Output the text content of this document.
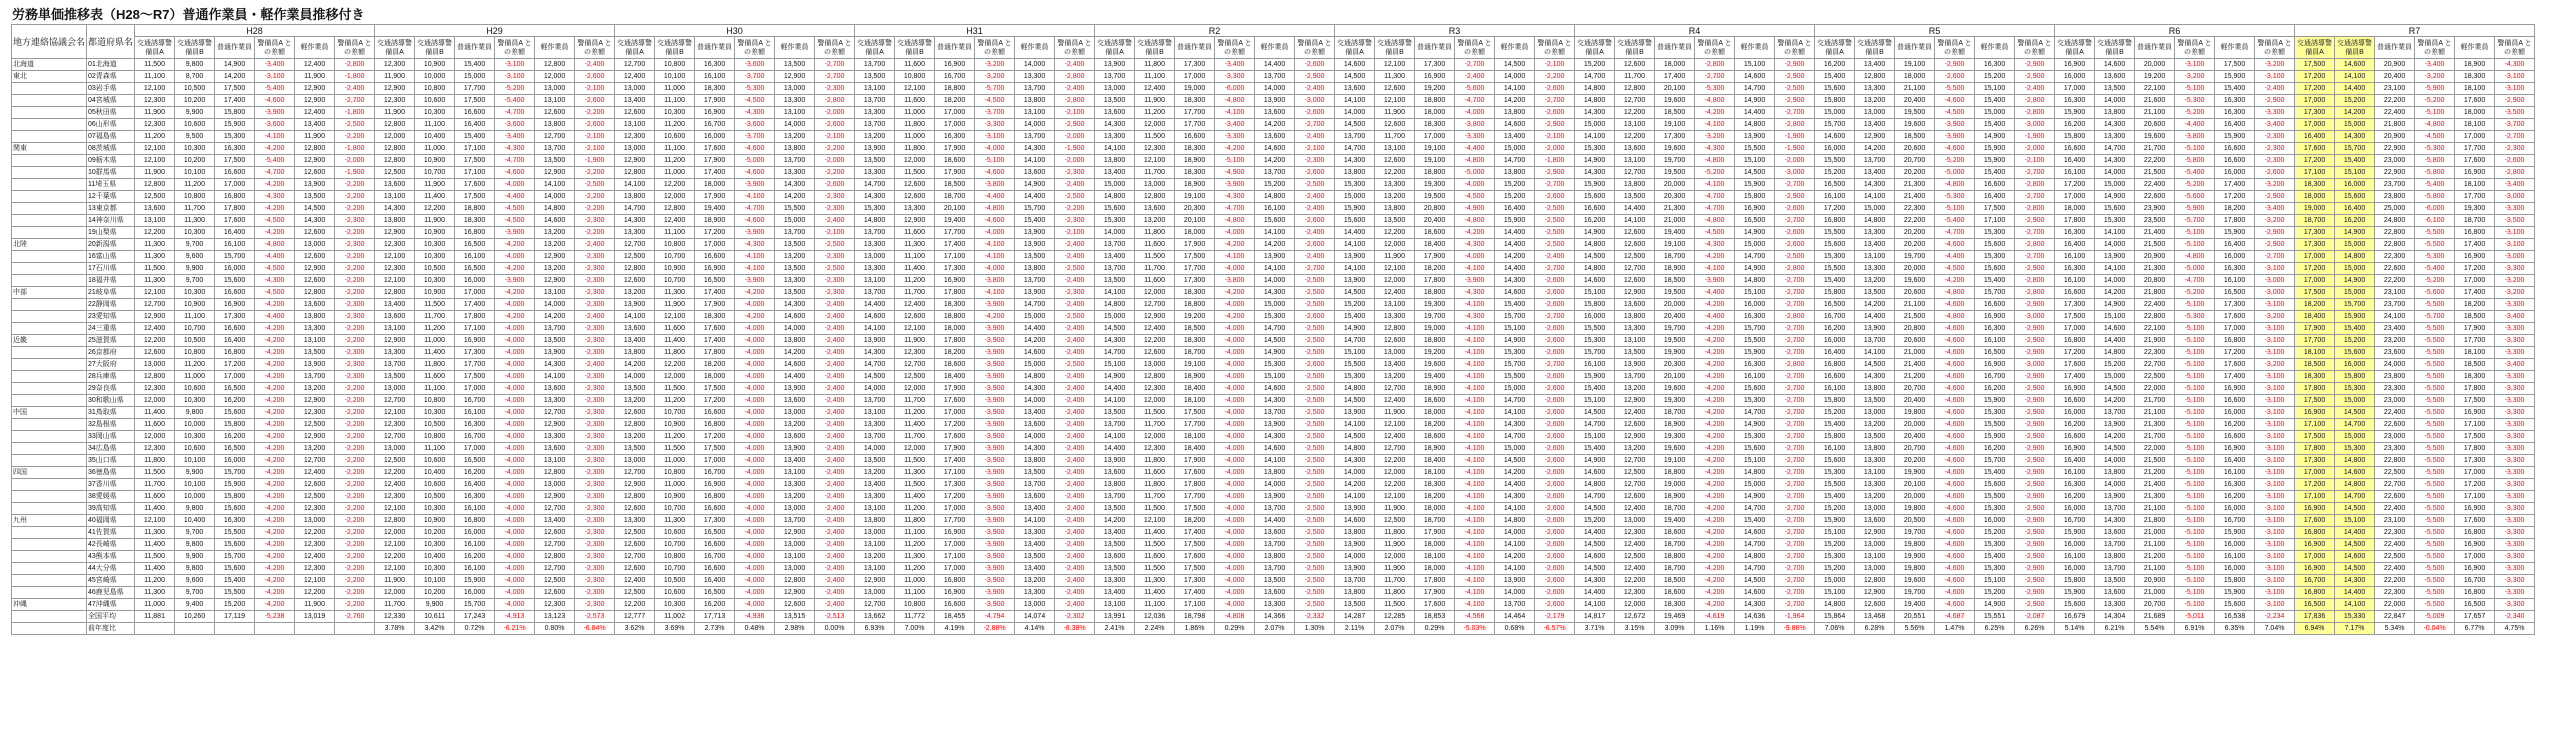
労務単価推移表（H28～R7）普通作業員・軽作業員推移付き
地方連絡協議会名	都道府県名	H28						H29						H30						H31						R2						R3						R4						R5						R6						R7					
		交通誘導警備員A	交通誘導警 備員B	普通作業員	警備員A との差額	軽作業員	警備員A との差額	交通誘導警備員A	交通誘導警 備員B	普通作業員	警備員A との差額	軽作業員	警備員A との差額	交通誘導警備員A	交通誘導警 備員B	普通作業員	警備員A との差額	軽作業員	警備員A との差額	交通誘導警備員A	交通誘導警 備員B	普通作業員	警備員A との差額	軽作業員	警備員A との差額	交通誘導警備員A	交通誘導警 備員B	普通作業員	警備員A との差額	軽作業員	警備員A との差額	交通誘導警備員A	交通誘導警 備員B	普通作業員	警備員A との差額	軽作業員	警備員A との差額	交通誘導警備員A	交通誘導警 備員B	普通作業員	警備員A との差額	軽作業員	警備員A との差額	交通誘導警備員A	交通誘導警 備員B	普通作業員	警備員A との差額	軽作業員	警備員A との差額	交通誘導警備員A	交通誘導警 備員B	普通作業員	警備員A との差額	軽作業員	警備員A との差額	交通誘導警備員A	交通誘導警 備員B	普通作業員	警備員A との差額	軽作業員	警備員A との差額
北海道	01北海道	11,500	9,800	14,900	-3,400	12,400	-2,800	12,300	10,900	15,400	-3,100	12,800	-2,400	12,700	10,800	16,300	-3,600	13,500	-2,700	13,700	11,600	16,900	-3,200	14,000	-2,400	13,900	11,800	17,300	-3,400	14,400	-2,600	14,600	12,100	17,300	-2,700	14,500	-2,100	15,200	12,600	18,000	-2,800	15,100	-2,900	16,200	13,400	19,100	-2,900	16,300	-2,900	16,900	14,600	20,000	-3,100	17,500	-3,200	17,500	14,600	20,900	-3,400	18,900	-4,300
東北	02青森県	11,100	8,700	14,200	-3,100	11,900	-1,800	11,900	10,000	15,000	-3,100	12,000	-2,600	12,400	10,100	16,100	-3,700	12,900	-2,700	13,500	10,800	16,700	-3,200	13,300	-2,800	13,700	11,100	17,000	-3,300	13,700	-2,900	14,500	11,300	16,900	-2,400	14,000	-2,200	14,700	11,700	17,400	-2,700	14,600	-2,900	15,400	12,800	18,000	-2,600	15,200	-2,900	16,000	13,600	19,200	-3,200	15,900	-3,100	17,200	14,100	20,400	-3,200	18,300	-3,100
	03岩手県	12,100	10,500	17,500	-5,400	12,900	-2,400	12,900	10,800	17,700	-5,200	13,000	-2,100	13,000	11,000	18,300	-5,300	13,000	-2,300	13,100	12,100	18,800	-5,700	13,700	-2,400	13,000	12,400	19,000	-6,000	14,000	-2,400	13,600	12,600	19,200	-5,600	14,100	-2,600	14,800	12,800	20,100	-5,300	14,700	-2,500	15,600	13,300	21,100	-5,500	15,100	-2,400	17,000	13,500	22,100	-5,100	15,400	-2,400	17,200	14,400	23,100	-5,900	18,100	-3,100
	04宮城県	12,300	10,200	17,400	-4,600	12,900	-2,700	12,300	10,600	17,500	-5,400	13,100	-2,600	13,400	11,100	17,900	-4,500	13,300	-2,800	13,700	11,600	18,200	-4,500	13,800	-2,800	13,500	11,900	18,300	-4,800	13,900	-3,000	14,100	12,100	18,800	-4,700	14,200	-2,700	14,800	12,700	19,600	-4,800	14,900	-2,900	15,800	13,200	20,400	-4,600	15,400	-2,800	16,300	14,000	21,600	-5,300	16,300	-2,900	17,000	15,200	22,200	-5,200	17,600	-2,900
	05秋田県	11,900	9,900	15,800	-3,900	12,400	-1,800	11,900	10,300	16,600	-4,700	12,600	-2,200	12,600	10,300	16,900	-4,300	13,100	-2,000	13,300	11,000	17,000	-3,700	13,100	-2,100	13,600	11,200	17,700	-4,100	13,600	-2,600	14,000	11,900	18,000	-4,000	13,800	-2,600	14,300	12,200	18,500	-4,200	14,400	-2,700	15,000	13,000	19,500	-4,500	15,000	-2,800	15,900	13,800	21,100	-5,200	16,300	-3,300	17,300	14,200	22,400	-5,100	18,000	-3,500
	06山形県	12,300	10,600	15,900	-3,600	13,400	-2,500	12,800	11,100	16,400	-3,600	13,800	-2,600	13,100	11,200	16,700	-3,600	14,000	-2,600	13,700	11,800	17,000	-3,300	14,000	-2,900	14,300	12,000	17,700	-3,400	14,200	-2,700	14,500	12,600	18,300	-3,800	14,600	-2,900	15,000	13,100	19,100	-4,100	14,800	-2,800	15,700	13,400	19,600	-3,900	15,400	-3,000	16,200	14,300	20,600	-4,400	16,400	-3,400	17,000	15,000	21,800	-4,800	18,100	-3,700
	07福島県	11,200	9,500	15,300	-4,100	11,900	-2,200	12,000	10,400	15,400	-3,400	12,700	-2,100	12,300	10,600	16,000	-3,700	13,200	-2,100	13,200	11,000	16,300	-3,100	13,700	-2,000	13,300	11,500	16,600	-3,300	13,600	-2,400	13,700	11,700	17,000	-3,300	13,400	-2,100	14,100	12,200	17,300	-3,200	13,900	-1,900	14,600	12,900	18,500	-3,900	14,900	-1,900	15,800	13,300	19,600	-3,800	15,900	-2,300	16,400	14,300	20,900	-4,500	17,000	-2,700
関東	08茨城県	12,100	10,300	16,300	-4,200	12,800	-1,800	12,800	11,000	17,100	-4,300	13,700	-2,100	13,000	11,100	17,600	-4,600	13,800	-2,200	13,900	11,800	17,900	-4,000	14,300	-1,900	14,100	12,300	18,300	-4,200	14,600	-2,100	14,700	13,100	19,100	-4,400	15,000	-2,000	15,300	13,600	19,600	-4,300	15,500	-1,900	16,000	14,200	20,600	-4,600	15,900	-2,000	16,600	14,700	21,700	-5,100	16,600	-2,300	17,600	15,700	22,900	-5,300	17,700	-2,300
	09栃木県	12,100	10,200	17,500	-5,400	12,900	-2,000	12,800	10,900	17,500	-4,700	13,500	-1,900	12,900	11,200	17,900	-5,000	13,700	-2,000	13,500	12,000	18,600	-5,100	14,100	-2,000	13,800	12,100	18,900	-5,100	14,200	-2,300	14,300	12,600	19,100	-4,800	14,700	-1,800	14,900	13,100	19,700	-4,800	15,100	-2,000	15,500	13,700	20,700	-5,200	15,900	-2,100	16,400	14,300	22,200	-5,800	16,600	-2,300	17,200	15,400	23,000	-5,800	17,600	-2,600
	10群馬県	11,900	10,100	16,600	-4,700	12,600	-1,900	12,500	10,700	17,100	-4,600	12,900	-2,200	12,800	11,000	17,400	-4,600	13,300	-2,200	13,300	11,500	17,900	-4,600	13,600	-2,300	13,400	11,700	18,300	-4,900	13,700	-2,600	13,800	12,200	18,800	-5,000	13,800	-2,900	14,300	12,700	19,500	-5,200	14,500	-3,000	15,200	13,400	20,200	-5,000	15,400	-2,700	16,100	14,000	21,500	-5,400	16,000	-2,600	17,100	15,100	22,900	-5,800	16,900	-2,800
	11埼玉県	12,800	11,200	17,000	-4,200	13,900	-2,200	13,600	11,900	17,600	-4,000	14,100	-2,500	14,100	12,200	18,000	-3,900	14,300	-2,600	14,700	12,600	18,500	-3,800	14,900	-2,400	15,000	13,000	18,900	-3,900	15,200	-2,500	15,300	13,300	19,300	-4,000	15,200	-2,700	15,900	13,800	20,000	-4,100	15,900	-2,700	16,500	14,300	21,300	-4,800	16,600	-2,800	17,200	15,000	22,400	-5,200	17,400	-3,200	18,300	16,000	23,700	-5,400	18,100	-3,400
	12千葉県	12,500	10,800	16,800	-4,300	13,500	-2,200	13,100	11,400	17,500	-4,400	14,000	-2,200	13,800	12,000	17,900	-4,100	14,200	-2,300	14,300	12,600	18,700	-4,400	14,400	-2,500	14,800	12,800	19,100	-4,300	14,800	-2,400	15,000	13,200	19,500	-4,500	15,200	-2,600	15,600	13,500	20,300	-4,700	15,800	-2,900	16,100	14,100	21,400	-5,300	16,400	-2,700	17,000	14,900	22,600	-5,600	17,200	-2,900	18,000	15,600	23,800	-5,800	17,700	-3,000
	13東京都	13,600	11,700	17,800	-4,200	14,500	-2,200	14,300	12,200	18,800	-4,500	14,800	-2,200	14,700	12,800	19,400	-4,700	15,500	-2,300	15,300	13,300	20,100	-4,800	15,700	-2,200	15,600	13,600	20,300	-4,700	16,100	-2,400	15,900	13,800	20,800	-4,900	16,400	-2,500	16,600	14,400	21,300	-4,700	16,900	-2,600	17,200	15,000	22,300	-5,100	17,500	-2,800	18,000	15,600	23,900	-5,900	18,200	-3,400	19,000	16,400	25,000	-6,000	19,300	-3,300
	14神奈川県	13,100	11,300	17,600	-4,500	14,300	-2,300	13,800	11,900	18,300	-4,500	14,600	-2,300	14,300	12,400	18,900	-4,600	15,000	-2,400	14,800	12,900	19,400	-4,600	15,400	-2,300	15,300	13,200	20,100	-4,800	15,600	-2,600	15,600	13,500	20,400	-4,800	15,900	-2,500	16,200	14,100	21,000	-4,800	16,500	-2,700	16,800	14,800	22,200	-5,400	17,100	-2,900	17,800	15,300	23,500	-5,700	17,800	-3,200	18,700	16,200	24,800	-6,100	18,700	-3,500
	19山梨県	12,200	10,300	16,400	-4,200	12,600	-2,200	12,900	10,900	16,800	-3,900	13,200	-2,200	13,300	11,100	17,200	-3,900	13,700	-2,100	13,700	11,600	17,700	-4,000	13,900	-2,100	14,000	11,800	18,000	-4,000	14,100	-2,400	14,400	12,200	18,600	-4,200	14,400	-2,500	14,900	12,600	19,400	-4,500	14,900	-2,600	15,500	13,300	20,200	-4,700	15,300	-2,700	16,300	14,100	21,400	-5,100	15,900	-2,900	17,300	14,900	22,800	-5,500	16,800	-3,100
北陸	20新潟県	11,300	9,700	16,100	-4,800	13,000	-2,300	12,300	10,300	16,500	-4,200	13,200	-2,400	12,700	10,800	17,000	-4,300	13,500	-2,500	13,300	11,300	17,400	-4,100	13,900	-2,400	13,700	11,600	17,900	-4,200	14,200	-2,600	14,100	12,000	18,400	-4,300	14,400	-2,500	14,800	12,600	19,100	-4,300	15,000	-2,600	15,600	13,400	20,200	-4,600	15,600	-2,800	16,400	14,000	21,500	-5,100	16,400	-2,900	17,300	15,000	22,800	-5,500	17,400	-3,100
	16富山県	11,300	9,600	15,700	-4,400	12,600	-2,200	12,100	10,300	16,100	-4,000	12,900	-2,300	12,500	10,700	16,600	-4,100	13,200	-2,300	13,000	11,100	17,100	-4,100	13,500	-2,400	13,400	11,500	17,500	-4,100	13,900	-2,400	13,900	11,900	17,900	-4,000	14,200	-2,400	14,500	12,500	18,700	-4,200	14,700	-2,500	15,300	13,100	19,700	-4,400	15,300	-2,700	16,100	13,900	20,900	-4,800	16,000	-2,700	17,000	14,800	22,300	-5,300	16,900	-3,000
	17石川県	11,500	9,900	16,000	-4,500	12,900	-2,200	12,300	10,500	16,500	-4,200	13,200	-2,300	12,800	10,900	16,900	-4,100	13,500	-2,500	13,300	11,400	17,300	-4,000	13,800	-2,500	13,700	11,700	17,700	-4,000	14,100	-2,700	14,100	12,100	18,200	-4,100	14,400	-2,700	14,800	12,700	18,900	-4,100	14,900	-2,800	15,500	13,300	20,000	-4,500	15,600	-2,900	16,300	14,100	21,300	-5,000	16,300	-3,100	17,200	15,000	22,600	-5,400	17,200	-3,300
	18福井県	11,300	9,700	15,600	-4,300	12,600	-2,200	12,100	10,300	16,000	-3,900	12,900	-2,300	12,600	10,700	16,500	-3,900	13,300	-2,300	13,100	11,200	16,900	-3,800	13,700	-2,400	13,500	11,600	17,300	-3,800	14,000	-2,500	13,900	12,000	17,800	-3,900	14,300	-2,600	14,600	12,600	18,500	-3,900	14,800	-2,700	15,400	13,200	19,600	-4,200	15,400	-2,800	16,100	14,000	20,800	-4,700	16,100	-3,000	17,000	14,900	22,200	-5,200	17,000	-3,200
中部	21岐阜県	12,100	10,300	16,600	-4,500	12,800	-2,200	12,800	10,900	17,000	-4,200	13,100	-2,300	13,200	11,300	17,400	-4,200	13,500	-2,300	13,700	11,700	17,800	-4,100	13,900	-2,300	14,100	12,000	18,300	-4,200	14,300	-2,500	14,500	12,400	18,800	-4,300	14,600	-2,600	15,100	12,900	19,500	-4,400	15,100	-2,700	15,800	13,500	20,600	-4,800	15,700	-2,800	16,600	14,200	21,800	-5,200	16,500	-3,000	17,500	15,000	23,100	-5,600	17,400	-3,200
	22静岡県	12,700	10,900	16,900	-4,200	13,600	-2,300	13,400	11,500	17,400	-4,000	14,000	-2,300	13,900	11,900	17,900	-4,000	14,300	-2,400	14,400	12,400	18,300	-3,900	14,700	-2,400	14,800	12,700	18,800	-4,000	15,000	-2,500	15,200	13,100	19,300	-4,100	15,400	-2,600	15,800	13,600	20,000	-4,200	16,000	-2,700	16,500	14,200	21,100	-4,600	16,600	-2,900	17,300	14,900	22,400	-5,100	17,300	-3,100	18,200	15,700	23,700	-5,500	18,200	-3,300
	23愛知県	12,900	11,100	17,300	-4,400	13,800	-2,300	13,600	11,700	17,800	-4,200	14,200	-2,400	14,100	12,100	18,300	-4,200	14,600	-2,400	14,600	12,600	18,800	-4,200	15,000	-2,500	15,000	12,900	19,200	-4,200	15,300	-2,600	15,400	13,300	19,700	-4,300	15,700	-2,700	16,000	13,800	20,400	-4,400	16,300	-2,800	16,700	14,400	21,500	-4,800	16,900	-3,000	17,500	15,100	22,800	-5,300	17,600	-3,200	18,400	15,900	24,100	-5,700	18,500	-3,400
	24三重県	12,400	10,700	16,600	-4,200	13,300	-2,200	13,100	11,200	17,100	-4,000	13,700	-2,300	13,600	11,600	17,600	-4,000	14,000	-2,400	14,100	12,100	18,000	-3,900	14,400	-2,400	14,500	12,400	18,500	-4,000	14,700	-2,500	14,900	12,800	19,000	-4,100	15,100	-2,600	15,500	13,300	19,700	-4,200	15,700	-2,700	16,200	13,900	20,800	-4,600	16,300	-2,900	17,000	14,600	22,100	-5,100	17,000	-3,100	17,900	15,400	23,400	-5,500	17,900	-3,300
近畿	25滋賀県	12,200	10,500	16,400	-4,200	13,100	-2,200	12,900	11,000	16,900	-4,000	13,500	-2,300	13,400	11,400	17,400	-4,000	13,800	-2,400	13,900	11,900	17,800	-3,900	14,200	-2,400	14,300	12,200	18,300	-4,000	14,500	-2,500	14,700	12,600	18,800	-4,100	14,900	-2,600	15,300	13,100	19,500	-4,200	15,500	-2,700	16,000	13,700	20,600	-4,600	16,100	-2,900	16,800	14,400	21,900	-5,100	16,800	-3,100	17,700	15,200	23,200	-5,500	17,700	-3,300
	26京都府	12,600	10,800	16,800	-4,200	13,500	-2,300	13,300	11,400	17,300	-4,000	13,900	-2,300	13,800	11,800	17,800	-4,000	14,200	-2,400	14,300	12,300	18,200	-3,900	14,600	-2,400	14,700	12,600	18,700	-4,000	14,900	-2,500	15,100	13,000	19,200	-4,100	15,300	-2,600	15,700	13,500	19,900	-4,200	15,900	-2,700	16,400	14,100	21,000	-4,600	16,500	-2,900	17,200	14,800	22,300	-5,100	17,200	-3,100	18,100	15,600	23,600	-5,500	18,100	-3,300
	27大阪府	13,000	11,200	17,200	-4,200	13,900	-2,300	13,700	11,800	17,700	-4,000	14,300	-2,400	14,200	12,200	18,200	-4,000	14,600	-2,400	14,700	12,700	18,600	-3,900	15,000	-2,500	15,100	13,000	19,100	-4,000	15,300	-2,600	15,500	13,400	19,600	-4,100	15,700	-2,700	16,100	13,900	20,300	-4,200	16,300	-2,800	16,800	14,500	21,400	-4,600	16,900	-3,000	17,600	15,200	22,700	-5,100	17,600	-3,200	18,500	16,000	24,000	-5,500	18,500	-3,400
	28兵庫県	12,800	11,000	17,000	-4,200	13,700	-2,300	13,500	11,600	17,500	-4,000	14,100	-2,300	14,000	12,000	18,000	-4,000	14,400	-2,400	14,500	12,500	18,400	-3,900	14,800	-2,400	14,900	12,800	18,900	-4,000	15,100	-2,500	15,300	13,200	19,400	-4,100	15,500	-2,600	15,900	13,700	20,100	-4,200	16,100	-2,700	16,600	14,300	21,200	-4,600	16,700	-2,900	17,400	15,000	22,500	-5,100	17,400	-3,100	18,300	15,800	23,800	-5,500	18,300	-3,300
	29奈良県	12,300	10,600	16,500	-4,200	13,200	-2,200	13,000	11,100	17,000	-4,000	13,600	-2,300	13,500	11,500	17,500	-4,000	13,900	-2,400	14,000	12,000	17,900	-3,900	14,300	-2,400	14,400	12,300	18,400	-4,000	14,600	-2,500	14,800	12,700	18,900	-4,100	15,000	-2,600	15,400	13,200	19,600	-4,200	15,600	-2,700	16,100	13,800	20,700	-4,600	16,200	-2,900	16,900	14,500	22,000	-5,100	16,900	-3,100	17,800	15,300	23,300	-5,500	17,800	-3,300
	30和歌山県	12,000	10,300	16,200	-4,200	12,900	-2,200	12,700	10,800	16,700	-4,000	13,300	-2,300	13,200	11,200	17,200	-4,000	13,600	-2,400	13,700	11,700	17,600	-3,900	14,000	-2,400	14,100	12,000	18,100	-4,000	14,300	-2,500	14,500	12,400	18,600	-4,100	14,700	-2,600	15,100	12,900	19,300	-4,200	15,300	-2,700	15,800	13,500	20,400	-4,600	15,900	-2,900	16,600	14,200	21,700	-5,100	16,600	-3,100	17,500	15,000	23,000	-5,500	17,500	-3,300
中国	31鳥取県	11,400	9,800	15,600	-4,200	12,300	-2,200	12,100	10,300	16,100	-4,000	12,700	-2,300	12,600	10,700	16,600	-4,000	13,000	-2,400	13,100	11,200	17,000	-3,900	13,400	-2,400	13,500	11,500	17,500	-4,000	13,700	-2,500	13,900	11,900	18,000	-4,100	14,100	-2,600	14,500	12,400	18,700	-4,200	14,700	-2,700	15,200	13,000	19,800	-4,600	15,300	-2,900	16,000	13,700	21,100	-5,100	16,000	-3,100	16,900	14,500	22,400	-5,500	16,900	-3,300
	32島根県	11,600	10,000	15,800	-4,200	12,500	-2,200	12,300	10,500	16,300	-4,000	12,900	-2,300	12,800	10,900	16,800	-4,000	13,200	-2,400	13,300	11,400	17,200	-3,900	13,600	-2,400	13,700	11,700	17,700	-4,000	13,900	-2,500	14,100	12,100	18,200	-4,100	14,300	-2,600	14,700	12,600	18,900	-4,200	14,900	-2,700	15,400	13,200	20,000	-4,600	15,500	-2,900	16,200	13,900	21,300	-5,100	16,200	-3,100	17,100	14,700	22,600	-5,500	17,100	-3,300
	33岡山県	12,000	10,300	16,200	-4,200	12,900	-2,200	12,700	10,800	16,700	-4,000	13,300	-2,300	13,200	11,200	17,200	-4,000	13,600	-2,400	13,700	11,700	17,600	-3,900	14,000	-2,400	14,100	12,000	18,100	-4,000	14,300	-2,500	14,500	12,400	18,600	-4,100	14,700	-2,600	15,100	12,900	19,300	-4,200	15,300	-2,700	15,800	13,500	20,400	-4,600	15,900	-2,900	16,600	14,200	21,700	-5,100	16,600	-3,100	17,500	15,000	23,000	-5,500	17,500	-3,300
	34広島県	12,300	10,600	16,500	-4,200	13,200	-2,200	13,000	11,100	17,000	-4,000	13,600	-2,300	13,500	11,500	17,500	-4,000	13,900	-2,400	14,000	12,000	17,900	-3,900	14,300	-2,400	14,400	12,300	18,400	-4,000	14,600	-2,500	14,800	12,700	18,900	-4,100	15,000	-2,600	15,400	13,200	19,600	-4,200	15,600	-2,700	16,100	13,800	20,700	-4,600	16,200	-2,900	16,900	14,500	22,000	-5,100	16,900	-3,100	17,800	15,300	23,300	-5,500	17,800	-3,300
	35山口県	11,800	10,100	16,000	-4,200	12,700	-2,200	12,500	10,600	16,500	-4,000	13,100	-2,300	13,000	11,000	17,000	-4,000	13,400	-2,400	13,500	11,500	17,400	-3,900	13,800	-2,400	13,900	11,800	17,900	-4,000	14,100	-2,500	14,300	12,200	18,400	-4,100	14,500	-2,600	14,900	12,700	19,100	-4,200	15,100	-2,700	15,600	13,300	20,200	-4,600	15,700	-2,900	16,400	14,000	21,500	-5,100	16,400	-3,100	17,300	14,800	22,800	-5,500	17,300	-3,300
四国	36徳島県	11,500	9,900	15,700	-4,200	12,400	-2,200	12,200	10,400	16,200	-4,000	12,800	-2,300	12,700	10,800	16,700	-4,000	13,100	-2,400	13,200	11,300	17,100	-3,900	13,500	-2,400	13,600	11,600	17,600	-4,000	13,800	-2,500	14,000	12,000	18,100	-4,100	14,200	-2,600	14,600	12,500	18,800	-4,200	14,800	-2,700	15,300	13,100	19,900	-4,600	15,400	-2,900	16,100	13,800	21,200	-5,100	16,100	-3,100	17,000	14,600	22,500	-5,500	17,000	-3,300
	37香川県	11,700	10,100	15,900	-4,200	12,600	-2,200	12,400	10,600	16,400	-4,000	13,000	-2,300	12,900	11,000	16,900	-4,000	13,300	-2,400	13,400	11,500	17,300	-3,900	13,700	-2,400	13,800	11,800	17,800	-4,000	14,000	-2,500	14,200	12,200	18,300	-4,100	14,400	-2,600	14,800	12,700	19,000	-4,200	15,000	-2,700	15,500	13,300	20,100	-4,600	15,600	-2,900	16,300	14,000	21,400	-5,100	16,300	-3,100	17,200	14,800	22,700	-5,500	17,200	-3,300
	38愛媛県	11,600	10,000	15,800	-4,200	12,500	-2,200	12,300	10,500	16,300	-4,000	12,900	-2,300	12,800	10,900	16,800	-4,000	13,200	-2,400	13,300	11,400	17,200	-3,900	13,600	-2,400	13,700	11,700	17,700	-4,000	13,900	-2,500	14,100	12,100	18,200	-4,100	14,300	-2,600	14,700	12,600	18,900	-4,200	14,900	-2,700	15,400	13,200	20,000	-4,600	15,500	-2,900	16,200	13,900	21,300	-5,100	16,200	-3,100	17,100	14,700	22,600	-5,500	17,100	-3,300
	39高知県	11,400	9,800	15,600	-4,200	12,300	-2,200	12,100	10,300	16,100	-4,000	12,700	-2,300	12,600	10,700	16,600	-4,000	13,000	-2,400	13,100	11,200	17,000	-3,900	13,400	-2,400	13,500	11,500	17,500	-4,000	13,700	-2,500	13,900	11,900	18,000	-4,100	14,100	-2,600	14,500	12,400	18,700	-4,200	14,700	-2,700	15,200	13,000	19,800	-4,600	15,300	-2,900	16,000	13,700	21,100	-5,100	16,000	-3,100	16,900	14,500	22,400	-5,500	16,900	-3,300
九州	40福岡県	12,100	10,400	16,300	-4,200	13,000	-2,200	12,800	10,900	16,800	-4,000	13,400	-2,300	13,300	11,300	17,300	-4,000	13,700	-2,400	13,800	11,800	17,700	-3,900	14,100	-2,400	14,200	12,100	18,200	-4,000	14,400	-2,500	14,600	12,500	18,700	-4,100	14,800	-2,600	15,200	13,000	19,400	-4,200	15,400	-2,700	15,900	13,600	20,500	-4,600	16,000	-2,900	16,700	14,300	21,800	-5,100	16,700	-3,100	17,600	15,100	23,100	-5,500	17,600	-3,300
	41佐賀県	11,300	9,700	15,500	-4,200	12,200	-2,200	12,000	10,200	16,000	-4,000	12,600	-2,300	12,500	10,600	16,500	-4,000	12,900	-2,400	13,000	11,100	16,900	-3,900	13,300	-2,400	13,400	11,400	17,400	-4,000	13,600	-2,500	13,800	11,800	17,900	-4,100	14,000	-2,600	14,400	12,300	18,600	-4,200	14,600	-2,700	15,100	12,900	19,700	-4,600	15,200	-2,900	15,900	13,600	21,000	-5,100	15,900	-3,100	16,800	14,400	22,300	-5,500	16,800	-3,300
	42長崎県	11,400	9,800	15,600	-4,200	12,300	-2,200	12,100	10,300	16,100	-4,000	12,700	-2,300	12,600	10,700	16,600	-4,000	13,000	-2,400	13,100	11,200	17,000	-3,900	13,400	-2,400	13,500	11,500	17,500	-4,000	13,700	-2,500	13,900	11,900	18,000	-4,100	14,100	-2,600	14,500	12,400	18,700	-4,200	14,700	-2,700	15,200	13,000	19,800	-4,600	15,300	-2,900	16,000	13,700	21,100	-5,100	16,000	-3,100	16,900	14,500	22,400	-5,500	16,900	-3,300
	43熊本県	11,500	9,900	15,700	-4,200	12,400	-2,200	12,200	10,400	16,200	-4,000	12,800	-2,300	12,700	10,800	16,700	-4,000	13,100	-2,400	13,200	11,300	17,100	-3,900	13,500	-2,400	13,600	11,600	17,600	-4,000	13,800	-2,500	14,000	12,000	18,100	-4,100	14,200	-2,600	14,600	12,500	18,800	-4,200	14,800	-2,700	15,300	13,100	19,900	-4,600	15,400	-2,900	16,100	13,800	21,200	-5,100	16,100	-3,100	17,000	14,600	22,500	-5,500	17,000	-3,300
	44大分県	11,400	9,800	15,600	-4,200	12,300	-2,200	12,100	10,300	16,100	-4,000	12,700	-2,300	12,600	10,700	16,600	-4,000	13,000	-2,400	13,100	11,200	17,000	-3,900	13,400	-2,400	13,500	11,500	17,500	-4,000	13,700	-2,500	13,900	11,900	18,000	-4,100	14,100	-2,600	14,500	12,400	18,700	-4,200	14,700	-2,700	15,200	13,000	19,800	-4,600	15,300	-2,900	16,000	13,700	21,100	-5,100	16,000	-3,100	16,900	14,500	22,400	-5,500	16,900	-3,300
	45宮崎県	11,200	9,600	15,400	-4,200	12,100	-2,200	11,900	10,100	15,900	-4,000	12,500	-2,300	12,400	10,500	16,400	-4,000	12,800	-2,400	12,900	11,000	16,800	-3,900	13,200	-2,400	13,300	11,300	17,300	-4,000	13,500	-2,500	13,700	11,700	17,800	-4,100	13,900	-2,600	14,300	12,200	18,500	-4,200	14,500	-2,700	15,000	12,800	19,600	-4,600	15,100	-2,900	15,800	13,500	20,900	-5,100	15,800	-3,100	16,700	14,300	22,200	-5,500	16,700	-3,300
	46鹿児島県	11,300	9,700	15,500	-4,200	12,200	-2,200	12,000	10,200	16,000	-4,000	12,600	-2,300	12,500	10,600	16,500	-4,000	12,900	-2,400	13,000	11,100	16,900	-3,900	13,300	-2,400	13,400	11,400	17,400	-4,000	13,600	-2,500	13,800	11,800	17,900	-4,100	14,000	-2,600	14,400	12,300	18,600	-4,200	14,600	-2,700	15,100	12,900	19,700	-4,600	15,200	-2,900	15,900	13,600	21,000	-5,100	15,900	-3,100	16,800	14,400	22,300	-5,500	16,800	-3,300
沖縄	47沖縄県	11,000	9,400	15,200	-4,200	11,900	-2,200	11,700	9,900	15,700	-4,000	12,300	-2,300	12,200	10,300	16,200	-4,000	12,600	-2,400	12,700	10,800	16,600	-3,900	13,000	-2,400	13,100	11,100	17,100	-4,000	13,300	-2,500	13,500	11,500	17,600	-4,100	13,700	-2,600	14,100	12,000	18,300	-4,200	14,300	-2,700	14,800	12,600	19,400	-4,600	14,900	-2,900	15,600	13,300	20,700	-5,100	15,600	-3,100	16,500	14,100	22,000	-5,500	16,500	-3,300
	全国平均	11,881	10,260	17,119	-5,238	13,019	-2,760	12,330	10,611	17,243	-4,913	13,123	-2,573	12,777	11,002	17,713	-4,936	13,515	-2,513	13,662	11,772	18,455	-4,794	14,074	-2,302	13,991	12,036	18,798	-4,808	14,366	-2,332	14,287	12,285	18,853	-4,566	14,464	-2,179	14,817	12,672	19,469	-4,619	14,636	-1,964	15,864	13,468	20,551	-4,687	15,551	-2,087	16,679	14,304	21,689	-5,011	16,538	-2,234	17,836	15,330	22,847	-5,009	17,657	-2,340
	前年度比							3.78%	3.42%	0.72%	-6.21%	0.80%	-6.84%	3.62%	3.69%	2.73%	0.48%	2.98%	0.00%	6.93%	7.00%	4.19%	-2.88%	4.14%	-8.38%	2.41%	2.24%	1.86%	0.29%	2.07%	1.30%	2.11%	2.07%	0.29%	-5.03%	0.68%	-6.57%	3.71%	3.15%	3.09%	1.16%	1.19%	-9.86%	7.06%	6.28%	5.56%	1.47%	6.25%	6.26%	5.14%	6.21%	5.54%	6.91%	6.35%	7.04%	6.94%	7.17%	5.34%	-0.04%	6.77%	4.75%
